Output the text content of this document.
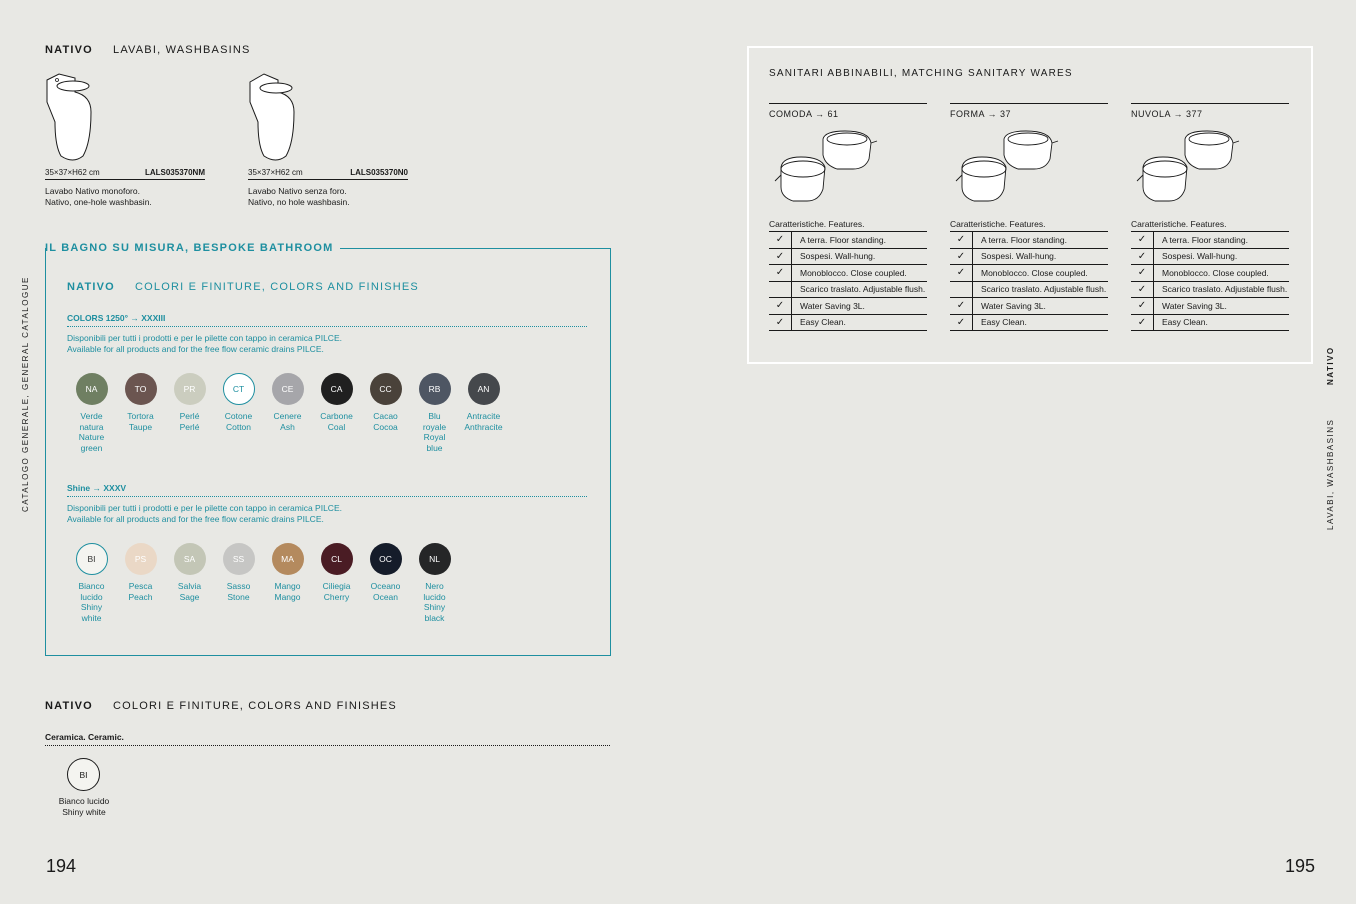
NATIVO LAVABI, WASHBASINS
35×37×H62 cm	LALS035370NM
Lavabo Nativo monoforo.
Nativo, one-hole washbasin.
35×37×H62 cm	LALS035370N0
Lavabo Nativo senza foro.
Nativo, no hole washbasin.
IL BAGNO SU MISURA, BESPOKE BATHROOM
NATIVO COLORI E FINITURE, COLORS AND FINISHES
COLORS 1250° → XXXIII
Disponibili per tutti i prodotti e per le pilette con tappo in ceramica PILCE.
Available for all products and for the free flow ceramic drains PILCE.
NA
Verde
natura
Nature
green
TO
Tortora
Taupe
PR
Perlé
Perlé
CT
Cotone
Cotton
CE
Cenere
Ash
CA
Carbone
Coal
CC
Cacao
Cocoa
RB
Blu
royale
Royal
blue
AN
Antracite
Anthracite
Shine → XXXV
Disponibili per tutti i prodotti e per le pilette con tappo in ceramica PILCE.
Available for all products and for the free flow ceramic drains PILCE.
BI
Bianco
lucido
Shiny
white
PS
Pesca
Peach
SA
Salvia
Sage
SS
Sasso
Stone
MA
Mango
Mango
CL
Ciliegia
Cherry
OC
Oceano
Ocean
NL
Nero
lucido
Shiny
black
NATIVO COLORI E FINITURE, COLORS AND FINISHES
Ceramica. Ceramic.
BI
Bianco lucido
Shiny white
CATALOGO GENERALE, GENERAL CATALOGUE
194
SANITARI ABBINABILI, MATCHING SANITARY WARES
COMODA → 61
Caratteristiche. Features.
✓	A terra. Floor standing.
✓	Sospesi. Wall-hung.
✓	Monoblocco. Close coupled.
Scarico traslato. Adjustable flush.
✓	Water Saving 3L.
✓	Easy Clean.
FORMA → 37
Caratteristiche. Features.
✓	A terra. Floor standing.
✓	Sospesi. Wall-hung.
✓	Monoblocco. Close coupled.
Scarico traslato. Adjustable flush.
✓	Water Saving 3L.
✓	Easy Clean.
NUVOLA → 377
Caratteristiche. Features.
✓	A terra. Floor standing.
✓	Sospesi. Wall-hung.
✓	Monoblocco. Close coupled.
✓	Scarico traslato. Adjustable flush.
✓	Water Saving 3L.
✓	Easy Clean.
NATIVO
LAVABI, WASHBASINS
195
